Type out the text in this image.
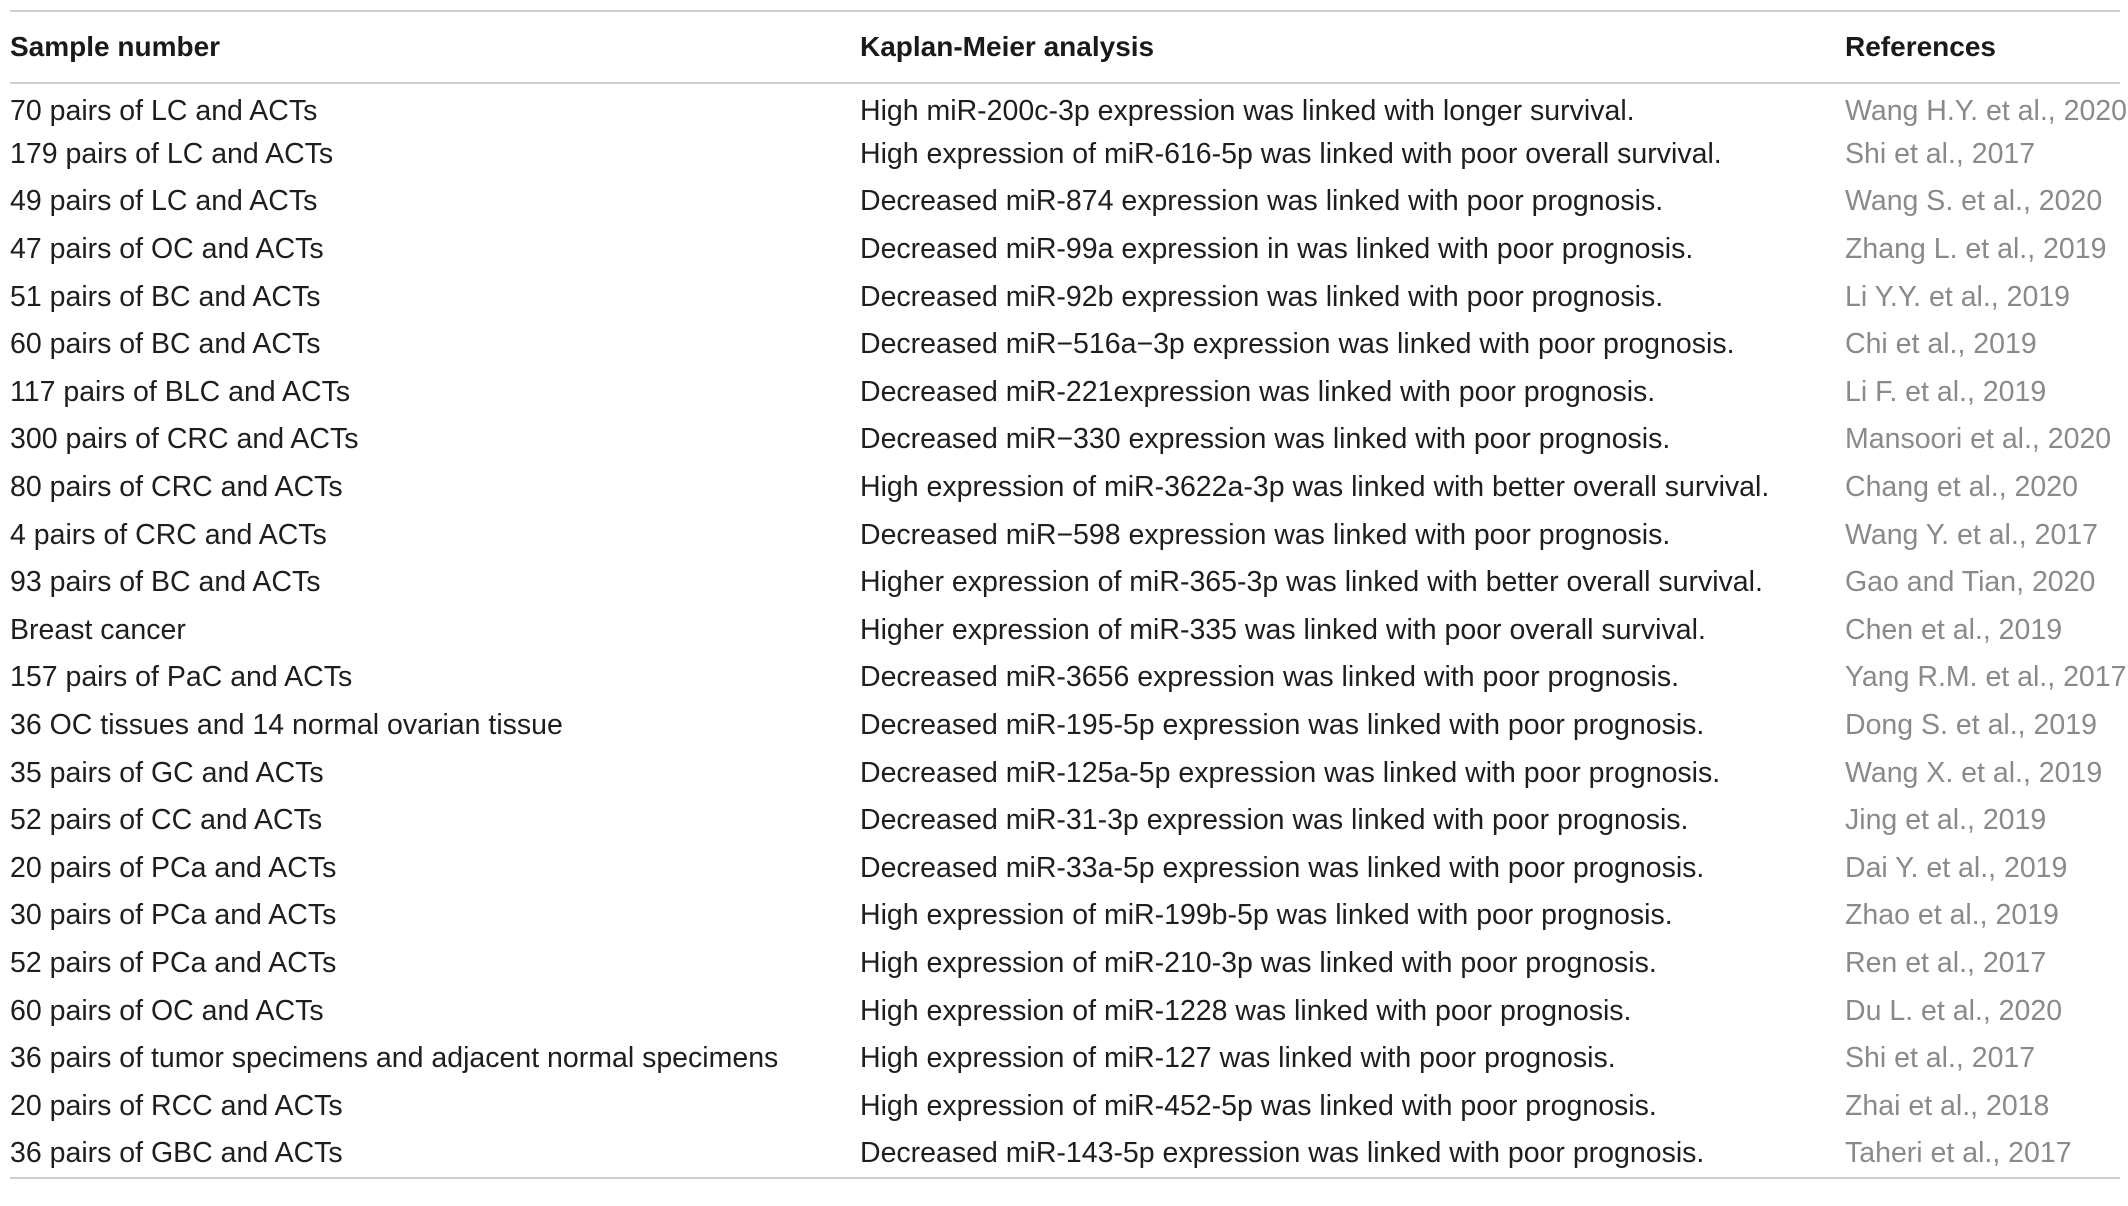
Sample number	Kaplan-Meier analysis	References
70 pairs of LC and ACTs	High miR-200c-3p expression was linked with longer survival.	Wang H.Y. et al., 2020
179 pairs of LC and ACTs	High expression of miR-616-5p was linked with poor overall survival.	Shi et al., 2017
49 pairs of LC and ACTs	Decreased miR-874 expression was linked with poor prognosis.	Wang S. et al., 2020
47 pairs of OC and ACTs	Decreased miR-99a expression in was linked with poor prognosis.	Zhang L. et al., 2019
51 pairs of BC and ACTs	Decreased miR-92b expression was linked with poor prognosis.	Li Y.Y. et al., 2019
60 pairs of BC and ACTs	Decreased miR−516a−3p expression was linked with poor prognosis.	Chi et al., 2019
117 pairs of BLC and ACTs	Decreased miR-221expression was linked with poor prognosis.	Li F. et al., 2019
300 pairs of CRC and ACTs	Decreased miR−330 expression was linked with poor prognosis.	Mansoori et al., 2020
80 pairs of CRC and ACTs	High expression of miR-3622a-3p was linked with better overall survival.	Chang et al., 2020
4 pairs of CRC and ACTs	Decreased miR−598 expression was linked with poor prognosis.	Wang Y. et al., 2017
93 pairs of BC and ACTs	Higher expression of miR-365-3p was linked with better overall survival.	Gao and Tian, 2020
Breast cancer	Higher expression of miR-335 was linked with poor overall survival.	Chen et al., 2019
157 pairs of PaC and ACTs	Decreased miR-3656 expression was linked with poor prognosis.	Yang R.M. et al., 2017
36 OC tissues and 14 normal ovarian tissue	Decreased miR-195-5p expression was linked with poor prognosis.	Dong S. et al., 2019
35 pairs of GC and ACTs	Decreased miR-125a-5p expression was linked with poor prognosis.	Wang X. et al., 2019
52 pairs of CC and ACTs	Decreased miR-31-3p expression was linked with poor prognosis.	Jing et al., 2019
20 pairs of PCa and ACTs	Decreased miR-33a-5p expression was linked with poor prognosis.	Dai Y. et al., 2019
30 pairs of PCa and ACTs	High expression of miR-199b-5p was linked with poor prognosis.	Zhao et al., 2019
52 pairs of PCa and ACTs	High expression of miR-210-3p was linked with poor prognosis.	Ren et al., 2017
60 pairs of OC and ACTs	High expression of miR-1228 was linked with poor prognosis.	Du L. et al., 2020
36 pairs of tumor specimens and adjacent normal specimens	High expression of miR-127 was linked with poor prognosis.	Shi et al., 2017
20 pairs of RCC and ACTs	High expression of miR-452-5p was linked with poor prognosis.	Zhai et al., 2018
36 pairs of GBC and ACTs	Decreased miR-143-5p expression was linked with poor prognosis.	Taheri et al., 2017
